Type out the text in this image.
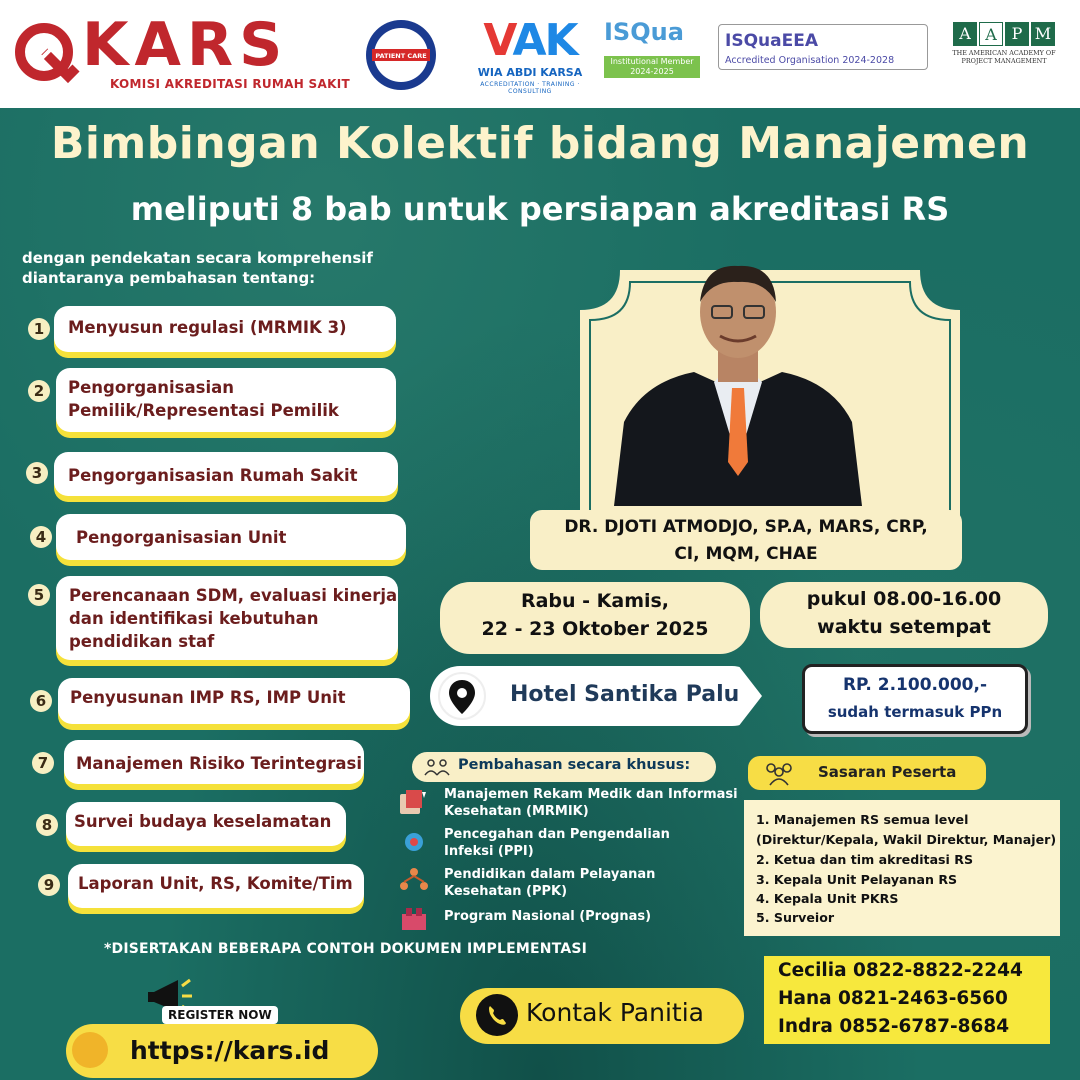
KARS
KOMISI AKREDITASI RUMAH SAKIT
PATIENT CARE	VAK
WIA ABDI KARSA
ACCREDITATION · TRAINING · CONSULTING
ISQua
Institutional Member 2024-2025
ISQuaEEA
Accredited Organisation 2024-2028
A A P M
THE AMERICAN ACADEMY OF PROJECT MANAGEMENT
Bimbingan Kolektif bidang Manajemen
meliputi 8 bab untuk persiapan akreditasi RS
dengan pendekatan secara komprehensif diantaranya pembahasan tentang:
1	Menyusun regulasi (MRMIK 3)
2	Pengorganisasian Pemilik/Representasi Pemilik
3	Pengorganisasian Rumah Sakit
4	Pengorganisasian Unit
5	Perencanaan SDM, evaluasi kinerja dan identifikasi kebutuhan pendidikan staf
6	Penyusunan IMP RS, IMP Unit
7	Manajemen Risiko Terintegrasi
8	Survei budaya keselamatan
9	Laporan Unit, RS, Komite/Tim
DR. DJOTI ATMODJO, SP.A, MARS, CRP,
CI, MQM, CHAE
Rabu - Kamis,
22 - 23 Oktober 2025
pukul 08.00-16.00
waktu setempat
Hotel Santika Palu	RP. 2.100.000,-
sudah termasuk PPn
Pembahasan secara khusus:
Manajemen Rekam Medik dan Informasi Kesehatan (MRMIK)
Pencegahan dan Pengendalian Infeksi (PPI)
Pendidikan dalam Pelayanan Kesehatan (PPK)
Program Nasional (Prognas)
Sasaran Peserta
1. Manajemen RS semua level
(Direktur/Kepala, Wakil Direktur, Manajer)
2. Ketua dan tim akreditasi RS
3. Kepala Unit Pelayanan RS
4. Kepala Unit PKRS
5. Surveior
*DISERTAKAN BEBERAPA CONTOH DOKUMEN IMPLEMENTASI
REGISTER NOW
https://kars.id
Kontak Panitia
Cecilia 0822-8822-2244
Hana 0821-2463-6560
Indra 0852-6787-8684
